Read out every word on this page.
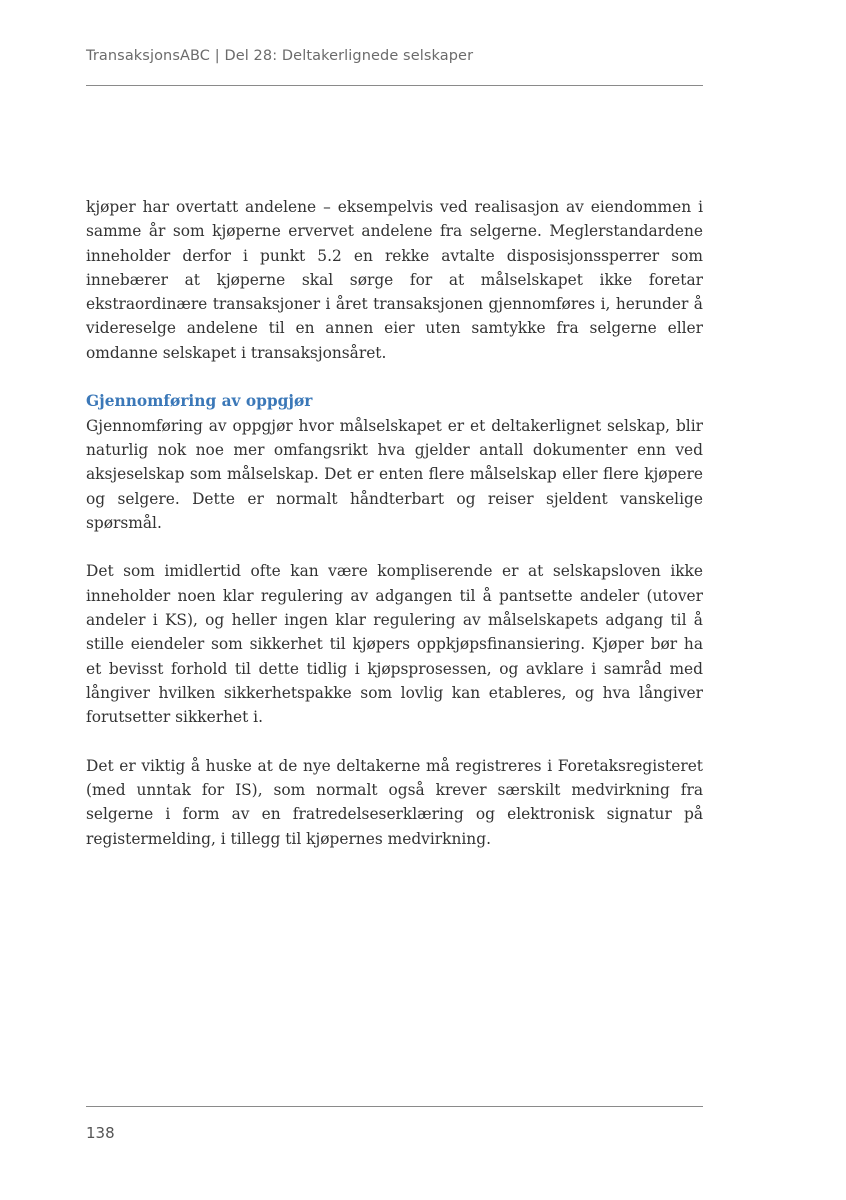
TransaksjonsABC | Del 28: Deltakerlignede selskaper

kjøper har overtatt andelene – eksempelvis ved realisasjon av eiendommen i samme år som kjøperne ervervet andelene fra selgerne. Meglerstandardene inneholder derfor i punkt 5.2 en rekke avtalte disposisjonssperrer som innebærer at kjøperne skal sørge for at målselskapet ikke foretar ekstraordinære transaksjoner i året transaksjonen gjennomføres i, herunder å videreselge andelene til en annen eier uten samtykke fra selgerne eller omdanne selskapet i transaksjonsåret.

Gjennomføring av oppgjør

Gjennomføring av oppgjør hvor målselskapet er et deltakerlignet selskap, blir naturlig nok noe mer omfangsrikt hva gjelder antall dokumenter enn ved aksjeselskap som målselskap. Det er enten flere målselskap eller flere kjøpere og selgere. Dette er normalt håndterbart og reiser sjeldent vanskelige spørsmål.

Det som imidlertid ofte kan være kompliserende er at selskapsloven ikke inneholder noen klar regulering av adgangen til å pantsette andeler (utover andeler i KS), og heller ingen klar regulering av målselskapets adgang til å stille eiendeler som sikkerhet til kjøpers oppkjøpsfinansiering. Kjøper bør ha et bevisst forhold til dette tidlig i kjøpsprosessen, og avklare i samråd med långiver hvilken sikkerhetspakke som lovlig kan etableres, og hva långiver forutsetter sikkerhet i.

Det er viktig å huske at de nye deltakerne må registreres i Foretaksregisteret (med unntak for IS), som normalt også krever særskilt medvirkning fra selgerne i form av en fratredelseserklæring og elektronisk signatur på registermelding, i tillegg til kjøpernes medvirkning.

138
